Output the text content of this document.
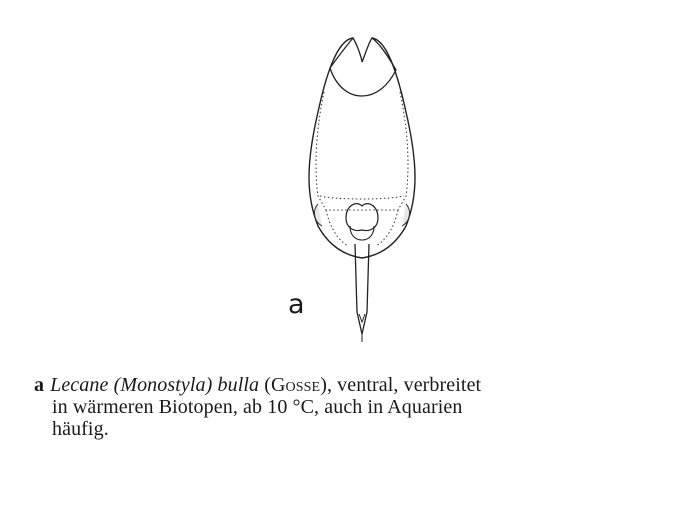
a
a Lecane (Monostyla) bulla (Gosse), ventral, verbreitet
in wärmeren Biotopen, ab 10 °C, auch in Aquarien
häufig.
